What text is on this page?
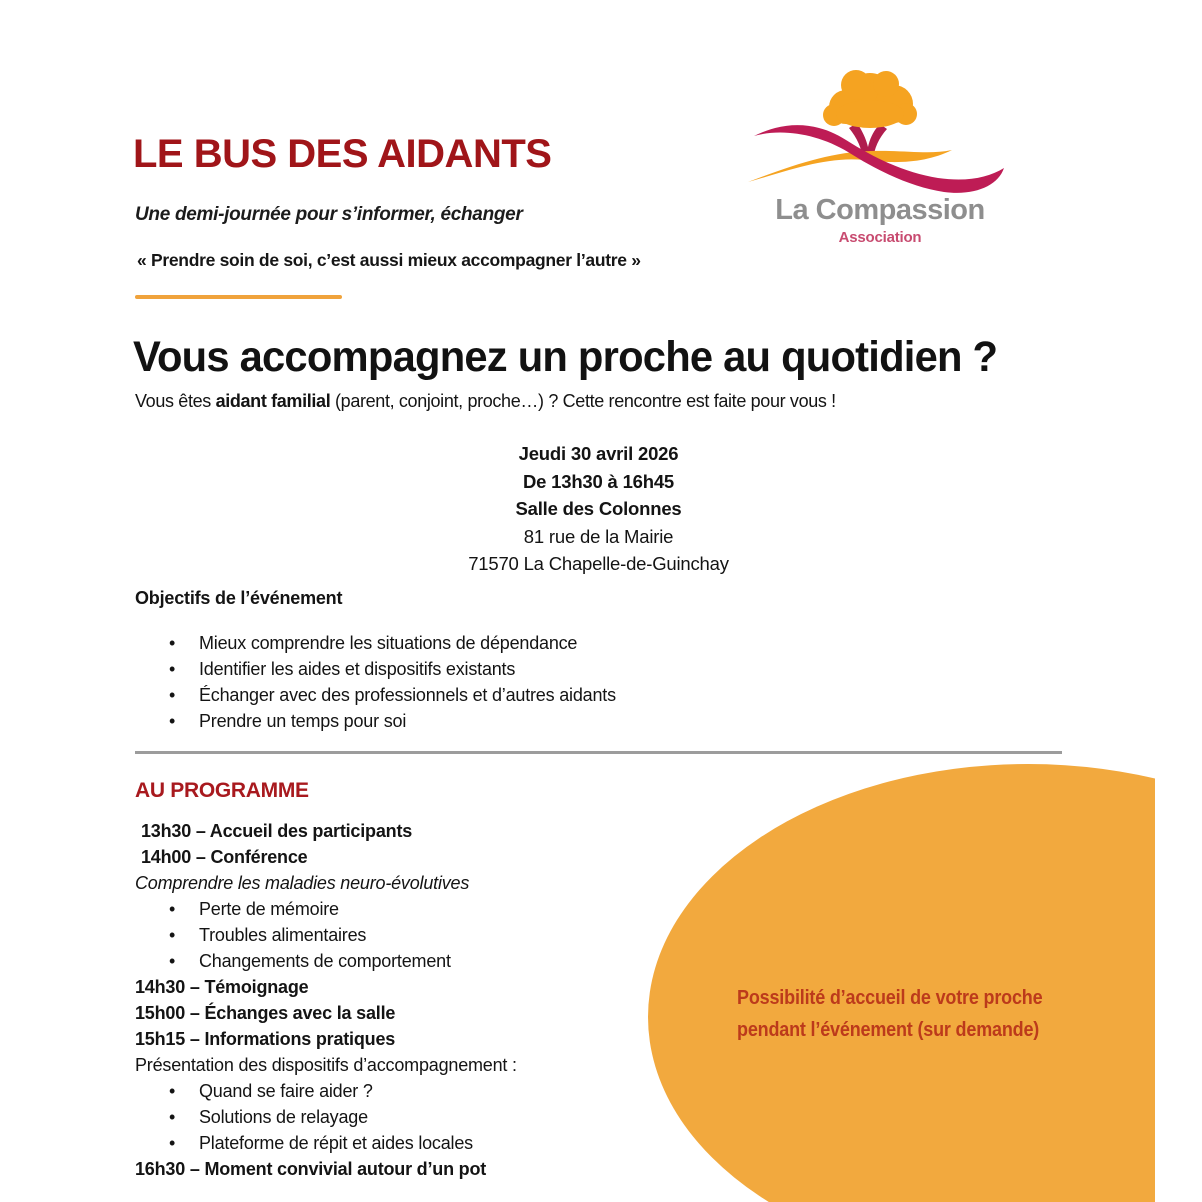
LE BUS DES AIDANTS
Une demi-journée pour s’informer, échanger
« Prendre soin de soi, c’est aussi mieux accompagner l’autre »
La Compassion
Association
Vous accompagnez un proche au quotidien ?
Vous êtes aidant familial (parent, conjoint, proche…) ? Cette rencontre est faite pour vous !
Jeudi 30 avril 2026
De 13h30 à 16h45
Salle des Colonnes
81 rue de la Mairie
71570 La Chapelle-de-Guinchay
Objectifs de l’événement
• Mieux comprendre les situations de dépendance
• Identifier les aides et dispositifs existants
• Échanger avec des professionnels et d’autres aidants
• Prendre un temps pour soi
AU PROGRAMME
13h30 – Accueil des participants
14h00 – Conférence
Comprendre les maladies neuro-évolutives
• Perte de mémoire
• Troubles alimentaires
• Changements de comportement
14h30 – Témoignage
15h00 – Échanges avec la salle
15h15 – Informations pratiques
Présentation des dispositifs d’accompagnement :
• Quand se faire aider ?
• Solutions de relayage
• Plateforme de répit et aides locales
16h30 – Moment convivial autour d’un pot
Possibilité d’accueil de votre proche
pendant l’événement (sur demande)
